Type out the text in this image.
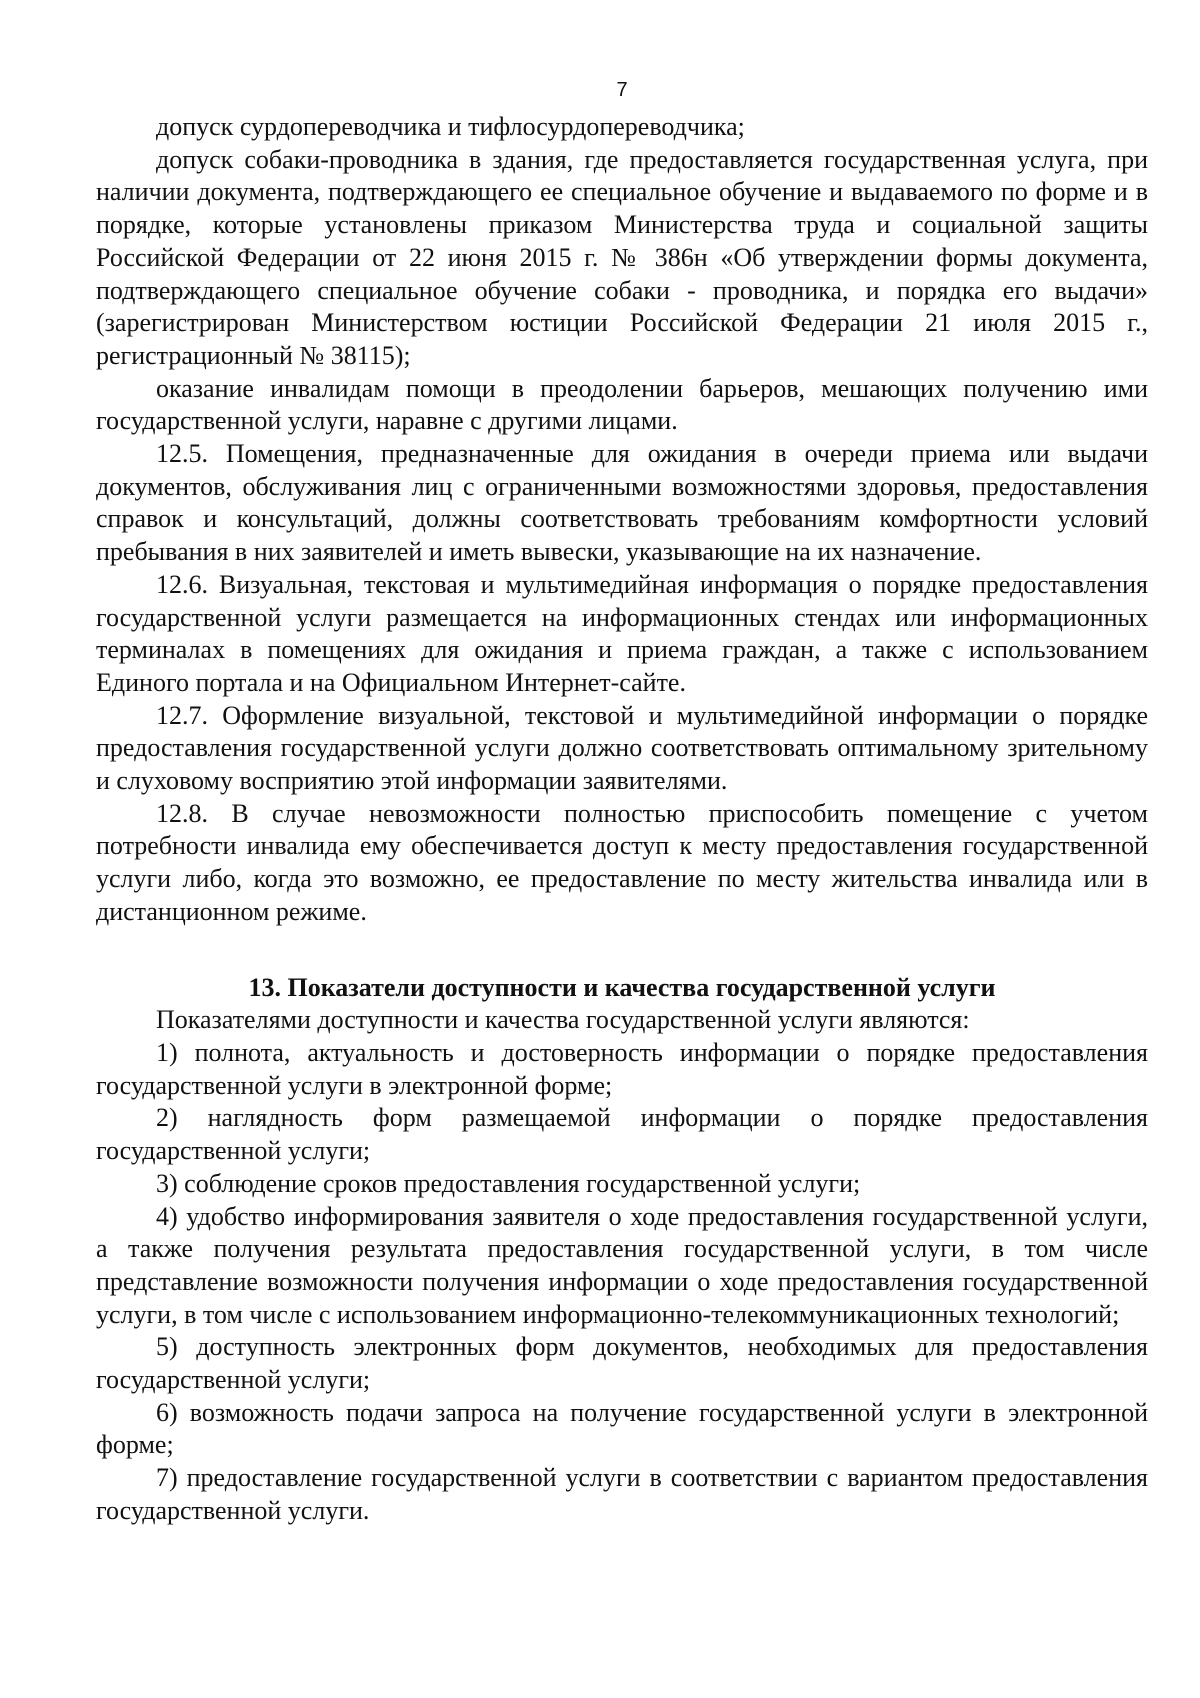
7

допуск сурдопереводчика и тифлосурдопереводчика;

допуск собаки-проводника в здания, где предоставляется государственная услуга, при наличии документа, подтверждающего ее специальное обучение и выдаваемого по форме и в порядке, которые установлены приказом Министерства труда и социальной защиты Российской Федерации от 22 июня 2015 г. № 386н «Об утверждении формы документа, подтверждающего специальное обучение собаки - проводника, и порядка его выдачи» (зарегистрирован Министерством юстиции Российской Федерации 21 июля 2015 г., регистрационный № 38115);

оказание инвалидам помощи в преодолении барьеров, мешающих получению ими государственной услуги, наравне с другими лицами.

12.5. Помещения, предназначенные для ожидания в очереди приема или выдачи документов, обслуживания лиц с ограниченными возможностями здоровья, предоставления справок и консультаций, должны соответствовать требованиям комфортности условий пребывания в них заявителей и иметь вывески, указывающие на их назначение.

12.6. Визуальная, текстовая и мультимедийная информация о порядке предоставления государственной услуги размещается на информационных стендах или информационных терминалах в помещениях для ожидания и приема граждан, а также с использованием Единого портала и на Официальном Интернет-сайте.

12.7. Оформление визуальной, текстовой и мультимедийной информации о порядке предоставления государственной услуги должно соответствовать оптимальному зрительному и слуховому восприятию этой информации заявителями.

12.8. В случае невозможности полностью приспособить помещение с учетом потребности инвалида ему обеспечивается доступ к месту предоставления государственной услуги либо, когда это возможно, ее предоставление по месту жительства инвалида или в дистанционном режиме.

13. Показатели доступности и качества государственной услуги

Показателями доступности и качества государственной услуги являются:

1) полнота, актуальность и достоверность информации о порядке предоставления государственной услуги в электронной форме;

2) наглядность форм размещаемой информации о порядке предоставления государственной услуги;

3) соблюдение сроков предоставления государственной услуги;

4) удобство информирования заявителя о ходе предоставления государственной услуги, а также получения результата предоставления государственной услуги, в том числе представление возможности получения информации о ходе предоставления государственной услуги, в том числе с использованием информационно-телекоммуникационных технологий;

5) доступность электронных форм документов, необходимых для предоставления государственной услуги;

6) возможность подачи запроса на получение государственной услуги в электронной форме;

7) предоставление государственной услуги в соответствии с вариантом предоставления государственной услуги.
